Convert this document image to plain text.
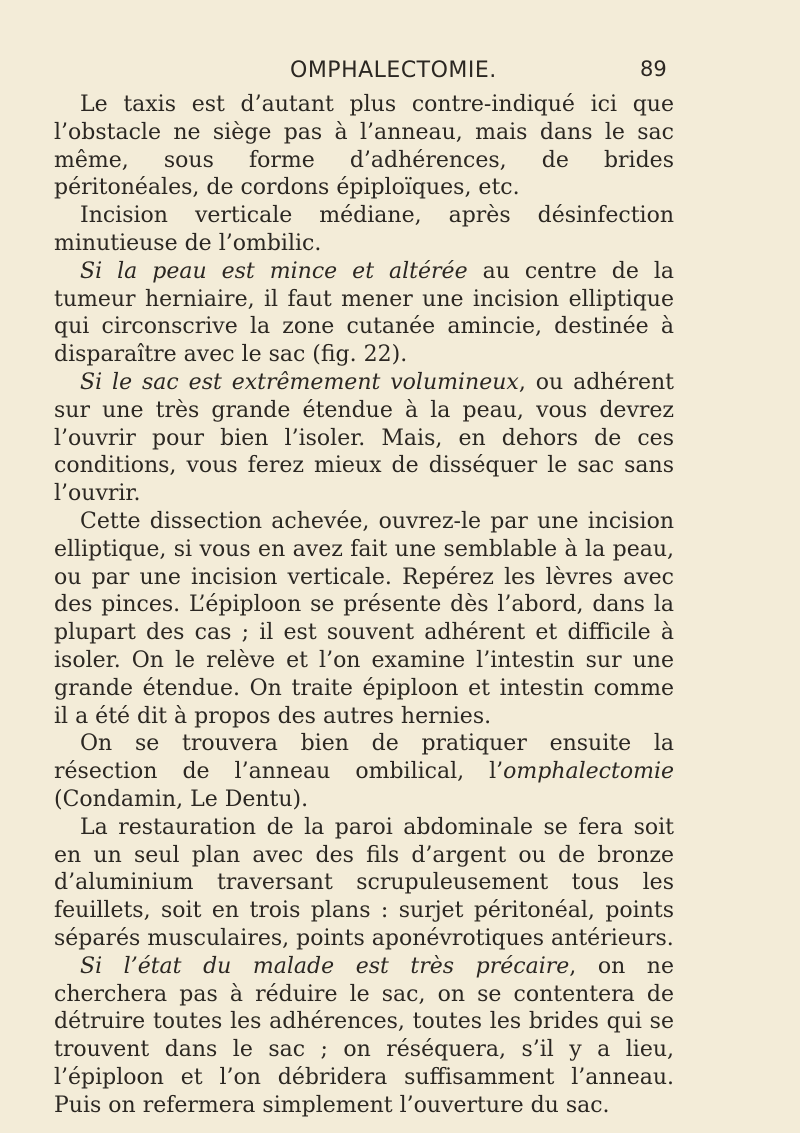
OMPHALECTOMIE.	89

Le taxis est d’autant plus contre-indiqué ici que l’obstacle ne siège pas à l’anneau, mais dans le sac même, sous forme d’adhérences, de brides péritonéales, de cordons épiploïques, etc.

Incision verticale médiane, après désinfection minutieuse de l’ombilic.

Si la peau est mince et altérée au centre de la tumeur herniaire, il faut mener une incision elliptique qui circonscrive la zone cutanée amincie, destinée à disparaître avec le sac (fig. 22).

Si le sac est extrêmement volumineux, ou adhérent sur une très grande étendue à la peau, vous devrez l’ouvrir pour bien l’isoler. Mais, en dehors de ces conditions, vous ferez mieux de disséquer le sac sans l’ouvrir.

Cette dissection achevée, ouvrez-le par une incision elliptique, si vous en avez fait une semblable à la peau, ou par une incision verticale. Repérez les lèvres avec des pinces. L’épiploon se présente dès l’abord, dans la plupart des cas ; il est souvent adhérent et difficile à isoler. On le relève et l’on examine l’intestin sur une grande étendue. On traite épiploon et intestin comme il a été dit à propos des autres hernies.

On se trouvera bien de pratiquer ensuite la résection de l’anneau ombilical, l’omphalectomie (Condamin, Le Dentu).

La restauration de la paroi abdominale se fera soit en un seul plan avec des fils d’argent ou de bronze d’aluminium traversant scrupuleusement tous les feuillets, soit en trois plans : surjet péritonéal, points séparés musculaires, points aponévrotiques antérieurs.

Si l’état du malade est très précaire, on ne cherchera pas à réduire le sac, on se contentera de détruire toutes les adhérences, toutes les brides qui se trouvent dans le sac ; on réséquera, s’il y a lieu, l’épiploon et l’on débridera suffisamment l’anneau. Puis on refermera simplement l’ouverture du sac.
